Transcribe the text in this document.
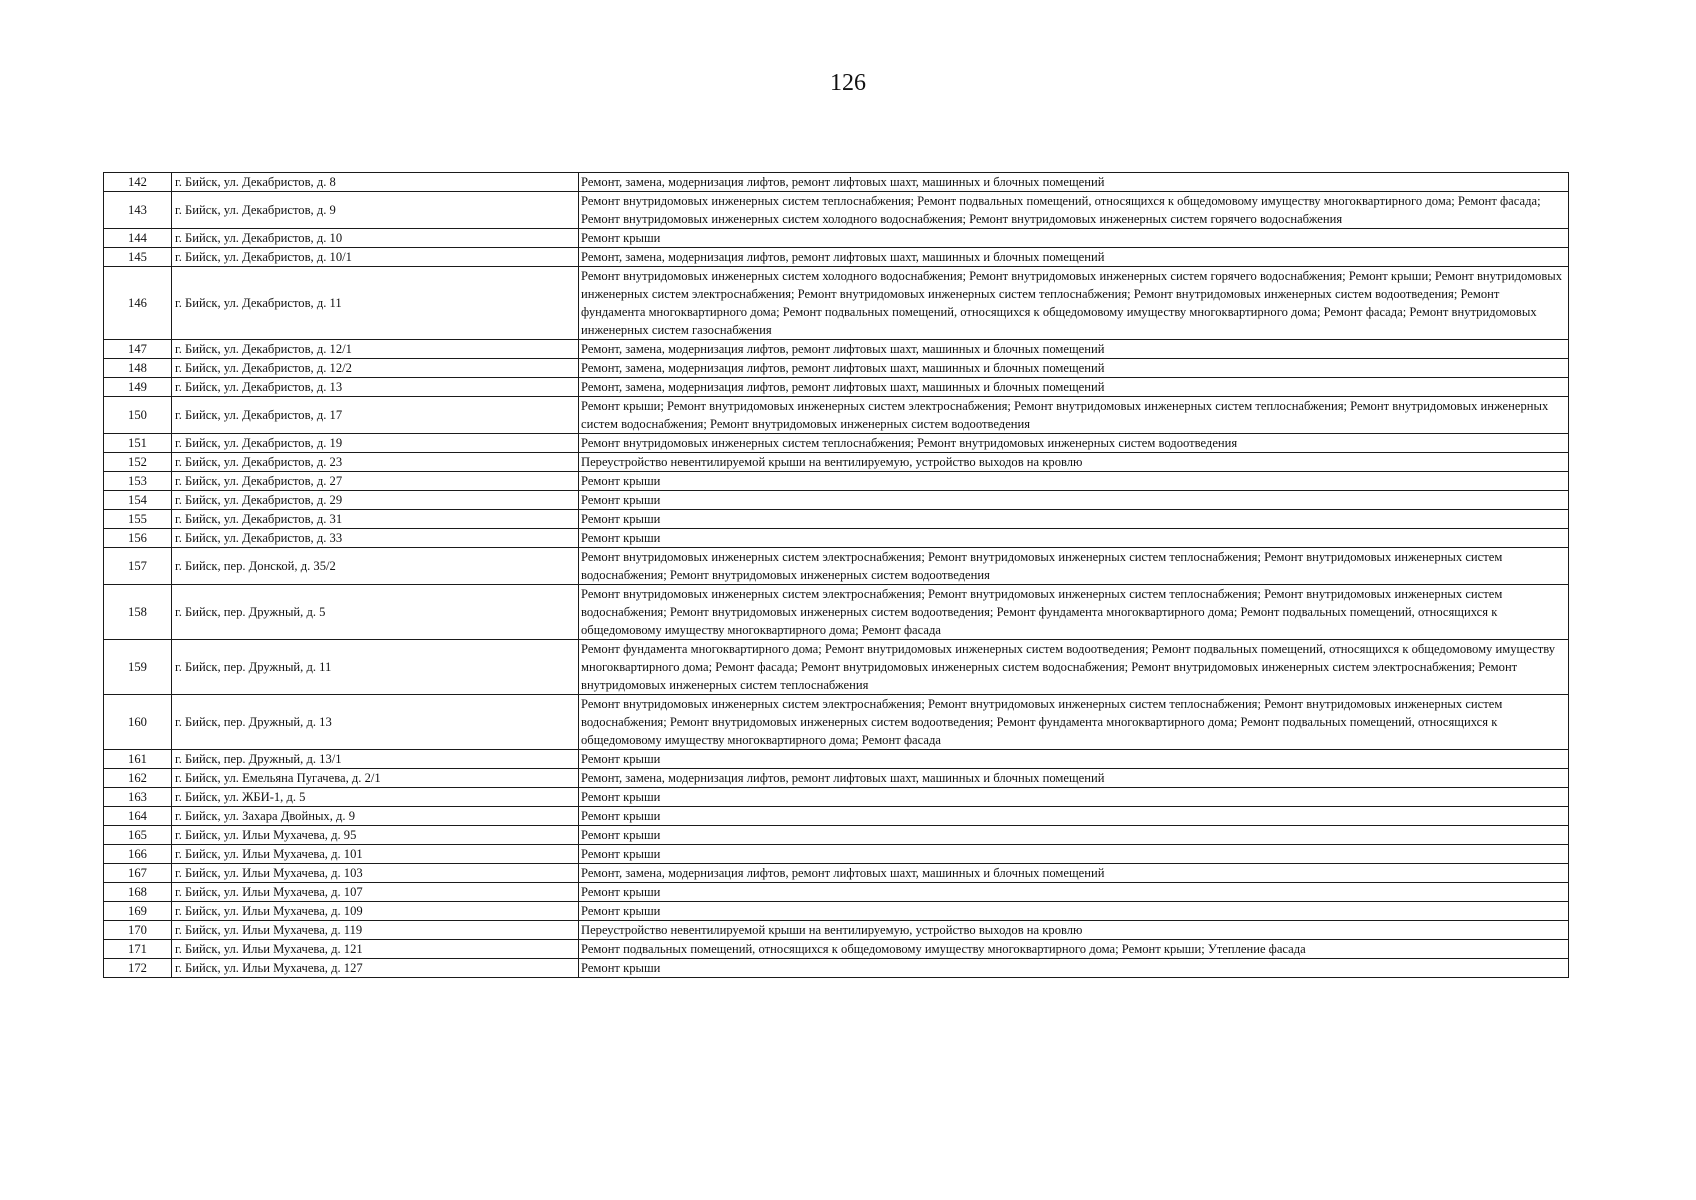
126
142	г. Бийск, ул. Декабристов, д. 8	Ремонт, замена, модернизация лифтов, ремонт лифтовых шахт, машинных и блочных помещений
143	г. Бийск, ул. Декабристов, д. 9	Ремонт внутридомовых инженерных систем теплоснабжения; Ремонт подвальных помещений, относящихся к общедомовому имуществу многоквартирного дома; Ремонт фасада; Ремонт внутридомовых инженерных систем холодного водоснабжения; Ремонт внутридомовых инженерных систем горячего водоснабжения
144	г. Бийск, ул. Декабристов, д. 10	Ремонт крыши
145	г. Бийск, ул. Декабристов, д. 10/1	Ремонт, замена, модернизация лифтов, ремонт лифтовых шахт, машинных и блочных помещений
146	г. Бийск, ул. Декабристов, д. 11	Ремонт внутридомовых инженерных систем холодного водоснабжения; Ремонт внутридомовых инженерных систем горячего водоснабжения; Ремонт крыши; Ремонт внутридомовых инженерных систем электроснабжения; Ремонт внутридомовых инженерных систем теплоснабжения; Ремонт внутридомовых инженерных систем водоотведения; Ремонт фундамента многоквартирного дома; Ремонт подвальных помещений, относящихся к общедомовому имуществу многоквартирного дома; Ремонт фасада; Ремонт внутридомовых инженерных систем газоснабжения
147	г. Бийск, ул. Декабристов, д. 12/1	Ремонт, замена, модернизация лифтов, ремонт лифтовых шахт, машинных и блочных помещений
148	г. Бийск, ул. Декабристов, д. 12/2	Ремонт, замена, модернизация лифтов, ремонт лифтовых шахт, машинных и блочных помещений
149	г. Бийск, ул. Декабристов, д. 13	Ремонт, замена, модернизация лифтов, ремонт лифтовых шахт, машинных и блочных помещений
150	г. Бийск, ул. Декабристов, д. 17	Ремонт крыши; Ремонт внутридомовых инженерных систем электроснабжения; Ремонт внутридомовых инженерных систем теплоснабжения; Ремонт внутридомовых инженерных систем водоснабжения; Ремонт внутридомовых инженерных систем водоотведения
151	г. Бийск, ул. Декабристов, д. 19	Ремонт внутридомовых инженерных систем теплоснабжения; Ремонт внутридомовых инженерных систем водоотведения
152	г. Бийск, ул. Декабристов, д. 23	Переустройство невентилируемой крыши на вентилируемую, устройство выходов на кровлю
153	г. Бийск, ул. Декабристов, д. 27	Ремонт крыши
154	г. Бийск, ул. Декабристов, д. 29	Ремонт крыши
155	г. Бийск, ул. Декабристов, д. 31	Ремонт крыши
156	г. Бийск, ул. Декабристов, д. 33	Ремонт крыши
157	г. Бийск, пер. Донской, д. 35/2	Ремонт внутридомовых инженерных систем электроснабжения; Ремонт внутридомовых инженерных систем теплоснабжения; Ремонт внутридомовых инженерных систем водоснабжения; Ремонт внутридомовых инженерных систем водоотведения
158	г. Бийск, пер. Дружный, д. 5	Ремонт внутридомовых инженерных систем электроснабжения; Ремонт внутридомовых инженерных систем теплоснабжения; Ремонт внутридомовых инженерных систем водоснабжения; Ремонт внутридомовых инженерных систем водоотведения; Ремонт фундамента многоквартирного дома; Ремонт подвальных помещений, относящихся к общедомовому имуществу многоквартирного дома; Ремонт фасада
159	г. Бийск, пер. Дружный, д. 11	Ремонт фундамента многоквартирного дома; Ремонт внутридомовых инженерных систем водоотведения; Ремонт подвальных помещений, относящихся к общедомовому имуществу многоквартирного дома; Ремонт фасада; Ремонт внутридомовых инженерных систем водоснабжения; Ремонт внутридомовых инженерных систем электроснабжения; Ремонт внутридомовых инженерных систем теплоснабжения
160	г. Бийск, пер. Дружный, д. 13	Ремонт внутридомовых инженерных систем электроснабжения; Ремонт внутридомовых инженерных систем теплоснабжения; Ремонт внутридомовых инженерных систем водоснабжения; Ремонт внутридомовых инженерных систем водоотведения; Ремонт фундамента многоквартирного дома; Ремонт подвальных помещений, относящихся к общедомовому имуществу многоквартирного дома; Ремонт фасада
161	г. Бийск, пер. Дружный, д. 13/1	Ремонт крыши
162	г. Бийск, ул. Емельяна Пугачева, д. 2/1	Ремонт, замена, модернизация лифтов, ремонт лифтовых шахт, машинных и блочных помещений
163	г. Бийск, ул. ЖБИ-1, д. 5	Ремонт крыши
164	г. Бийск, ул. Захара Двойных, д. 9	Ремонт крыши
165	г. Бийск, ул. Ильи Мухачева, д. 95	Ремонт крыши
166	г. Бийск, ул. Ильи Мухачева, д. 101	Ремонт крыши
167	г. Бийск, ул. Ильи Мухачева, д. 103	Ремонт, замена, модернизация лифтов, ремонт лифтовых шахт, машинных и блочных помещений
168	г. Бийск, ул. Ильи Мухачева, д. 107	Ремонт крыши
169	г. Бийск, ул. Ильи Мухачева, д. 109	Ремонт крыши
170	г. Бийск, ул. Ильи Мухачева, д. 119	Переустройство невентилируемой крыши на вентилируемую, устройство выходов на кровлю
171	г. Бийск, ул. Ильи Мухачева, д. 121	Ремонт подвальных помещений, относящихся к общедомовому имуществу многоквартирного дома; Ремонт крыши; Утепление фасада
172	г. Бийск, ул. Ильи Мухачева, д. 127	Ремонт крыши
